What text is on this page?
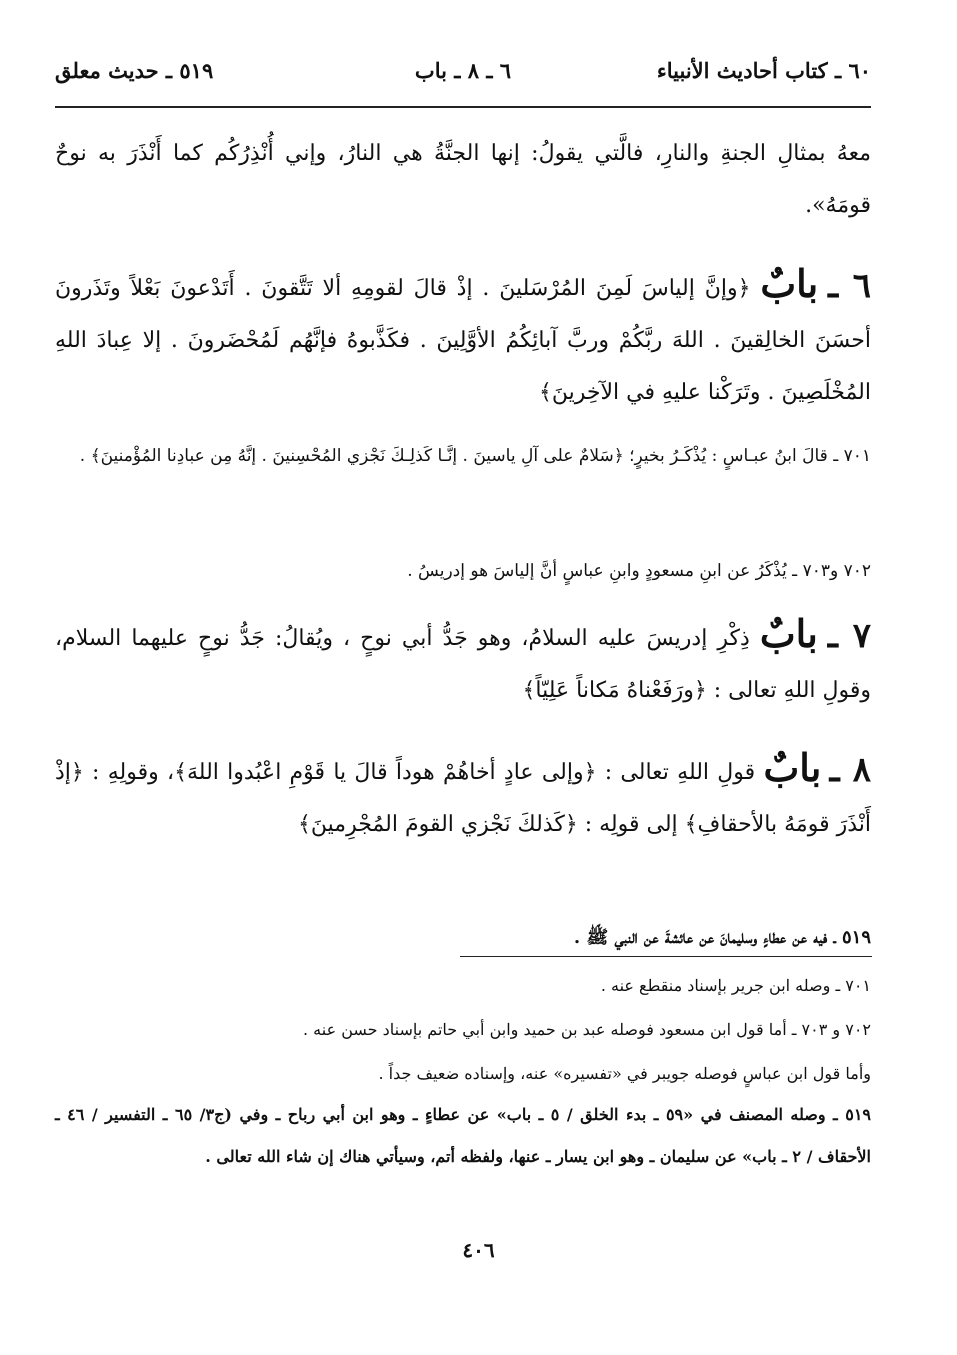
٦٠ ـ كتاب أحاديث الأنبياء
٦ ـ ٨ ـ باب
٥١٩ ـ حديث معلق
معهُ بمثالِ الجنةِ والنارِ، فالَّتي يقولُ: إنها الجنَّةُ هي النارُ، وإني أُنْذِرُكُم كما أَنْذَرَ به نوحٌ قومَهُ».
٦ ـ بابٌ ﴿وإنَّ إلياسَ لَمِنَ المُرْسَلينَ . إذْ قالَ لقومِهِ ألا تَتَّقونَ . أَتَدْعونَ بَعْلاً وتَذَرونَ أحسَنَ الخالِقينَ . اللهَ ربَّكُمْ وربَّ آبائِكُمُ الأوَّلِينَ . فكَذَّبوهُ فإنَّهُم لَمُحْضَرونَ . إلا عِبادَ اللهِ المُخْلَصِينَ . وتَرَكْنا عليهِ في الآخِرينَ﴾
٧٠١ ـ قالَ ابنُ عبـاسٍ : يُذْكَـرُ بخيرٍ؛ ﴿سَلامٌ على آلِ ياسينَ . إنَّـا كَذلِـكَ نَجْزي المُحْسِنينَ . إنَّهُ مِن عبادِنا المُؤْمنينَ﴾ .
٧٠٢ و٧٠٣ ـ يُذْكَرُ عن ابنِ مسعودٍ وابنِ عباسٍ أنَّ إلياسَ هو إدريسُ .
٧ ـ بابٌ ذِكْرِ إدريسَ عليه السلامُ، وهو جَدُّ أبي نوحٍ ، ويُقالُ: جَدُّ نوحٍ عليهما السلام، وقولِ اللهِ تعالى : ﴿ورَفَعْناهُ مَكاناً عَلِيّاً﴾
٨ ـ بابٌ قولِ اللهِ تعالى : ﴿وإلى عادٍ أخاهُمْ هوداً قالَ يا قَوْمِ اعْبُدوا اللهَ﴾، وقولِهِ : ﴿إذْ أَنْذَرَ قومَهُ بالأحقافِ﴾ إلى قولِه : ﴿كَذلكَ نَجْزي القومَ المُجْرِمينَ﴾
٥١٩ ـ فيه عن عطاءٍ وسليمانَ عن عائشةَ عن النبي ﷺ .
٧٠١ ـ وصله ابن جرير بإسناد منقطع عنه .
٧٠٢ و ٧٠٣ ـ أما قول ابن مسعود فوصله عبد بن حميد وابن أبي حاتم بإسناد حسن عنه .
وأما قول ابن عباسٍ فوصله جويبر في «تفسيره» عنه، وإسناده ضعيف جداً .
٥١٩ ـ وصله المصنف في «٥٩ ـ بدء الخلق / ٥ ـ باب» عن عطاءٍ ـ وهو ابن أبي رباح ـ وفي (ج٣/ ٦٥ ـ التفسير / ٤٦ ـ الأحقاف / ٢ ـ باب» عن سليمان ـ وهو ابن يسار ـ عنها، ولفظه أتم، وسيأتي هناك إن شاء الله تعالى .
٤٠٦
